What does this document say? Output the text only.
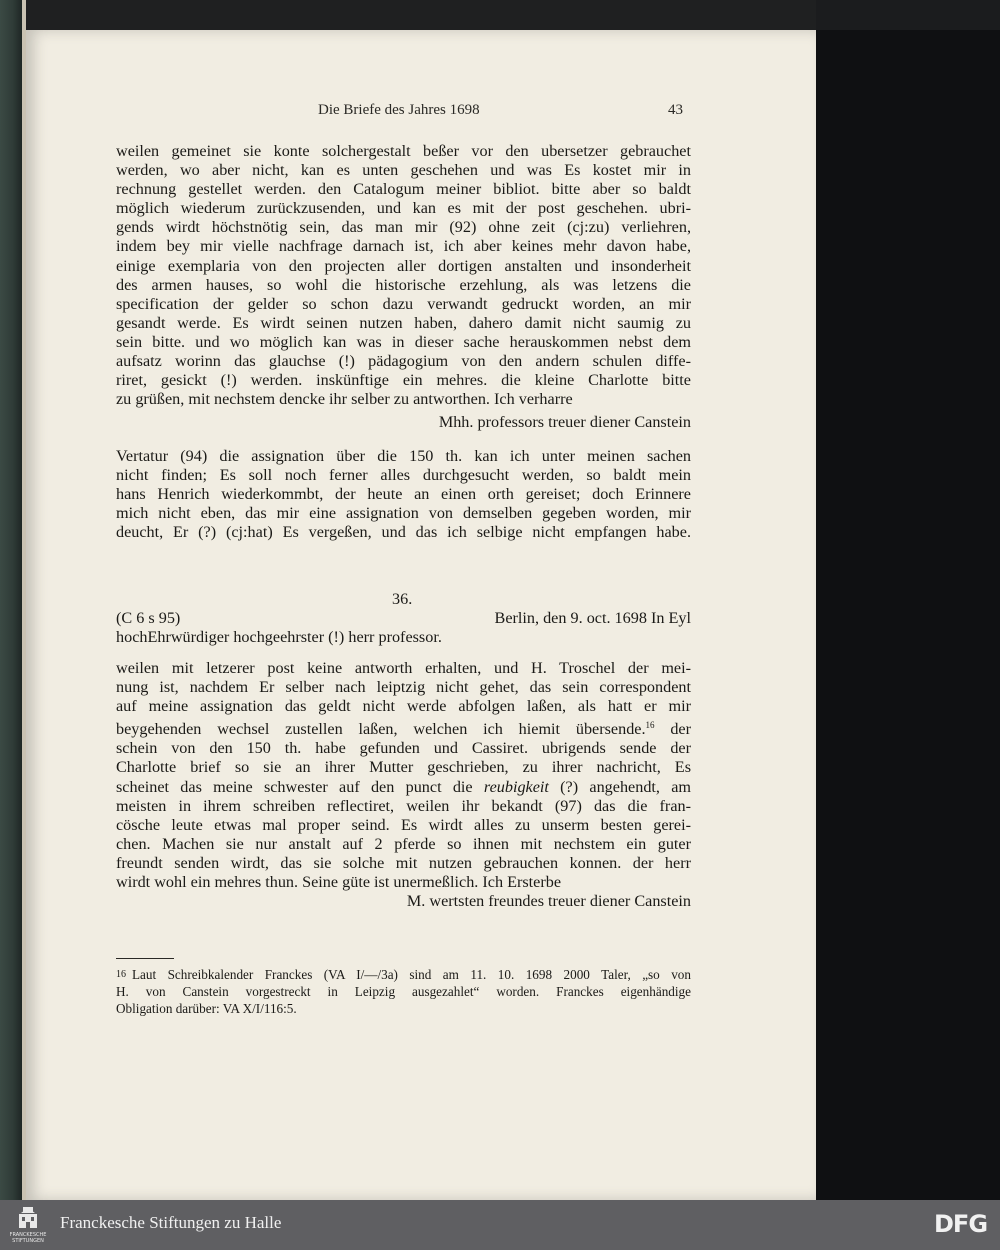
Die Briefe des Jahres 1698	43
weilen gemeinet sie konte solchergestalt beßer vor den ubersetzer gebrauchet
werden, wo aber nicht, kan es unten geschehen und was Es kostet mir in
rechnung gestellet werden. den Catalogum meiner bibliot. bitte aber so baldt
möglich wiederum zurückzusenden, und kan es mit der post geschehen. ubri-
gends wirdt höchstnötig sein, das man mir (92) ohne zeit (cj:zu) verliehren,
indem bey mir vielle nachfrage darnach ist, ich aber keines mehr davon habe,
einige exemplaria von den projecten aller dortigen anstalten und insonderheit
des armen hauses, so wohl die historische erzehlung, als was letzens die
specification der gelder so schon dazu verwandt gedruckt worden, an mir
gesandt werde. Es wirdt seinen nutzen haben, dahero damit nicht saumig zu
sein bitte. und wo möglich kan was in dieser sache herauskommen nebst dem
aufsatz worinn das glauchse (!) pädagogium von den andern schulen diffe-
riret, gesickt (!) werden. inskünftige ein mehres. die kleine Charlotte bitte
zu grüßen, mit nechstem dencke ihr selber zu antworthen. Ich verharre
Mhh. professors treuer diener Canstein
Vertatur (94) die assignation über die 150 th. kan ich unter meinen sachen
nicht finden; Es soll noch ferner alles durchgesucht werden, so baldt mein
hans Henrich wiederkommbt, der heute an einen orth gereiset; doch Erinnere
mich nicht eben, das mir eine assignation von demselben gegeben worden, mir
deucht, Er (?) (cj:hat) Es vergeßen, und das ich selbige nicht empfangen habe.
36.
(C 6 s 95)	Berlin, den 9. oct. 1698 In Eyl
hochEhrwürdiger hochgeehrster (!) herr professor.
weilen mit letzerer post keine antworth erhalten, und H. Troschel der mei-
nung ist, nachdem Er selber nach leiptzig nicht gehet, das sein correspondent
auf meine assignation das geldt nicht werde abfolgen laßen, als hatt er mir
beygehenden wechsel zustellen laßen, welchen ich hiemit übersende.$^{16}$ der
schein von den 150 th. habe gefunden und Cassiret. ubrigends sende der
Charlotte brief so sie an ihrer Mutter geschrieben, zu ihrer nachricht, Es
scheinet das meine schwester auf den punct die reubigkeit (?) angehendt, am
meisten in ihrem schreiben reflectiret, weilen ihr bekandt (97) das die fran-
cösche leute etwas mal proper seind. Es wirdt alles zu unserm besten gerei-
chen. Machen sie nur anstalt auf 2 pferde so ihnen mit nechstem ein guter
freundt senden wirdt, das sie solche mit nutzen gebrauchen konnen. der herr
wirdt wohl ein mehres thun. Seine güte ist unermeßlich. Ich Ersterbe
M. wertsten freundes treuer diener Canstein
16 Laut Schreibkalender Franckes (VA I/—/3a) sind am 11. 10. 1698 2000 Taler, „so von
H. von Canstein vorgestreckt in Leipzig ausgezahlet“ worden. Franckes eigenhändige
Obligation darüber: VA X/I/116:5.
FRANCKESCHE
STIFTUNGEN
Franckesche Stiftungen zu Halle	DFG
